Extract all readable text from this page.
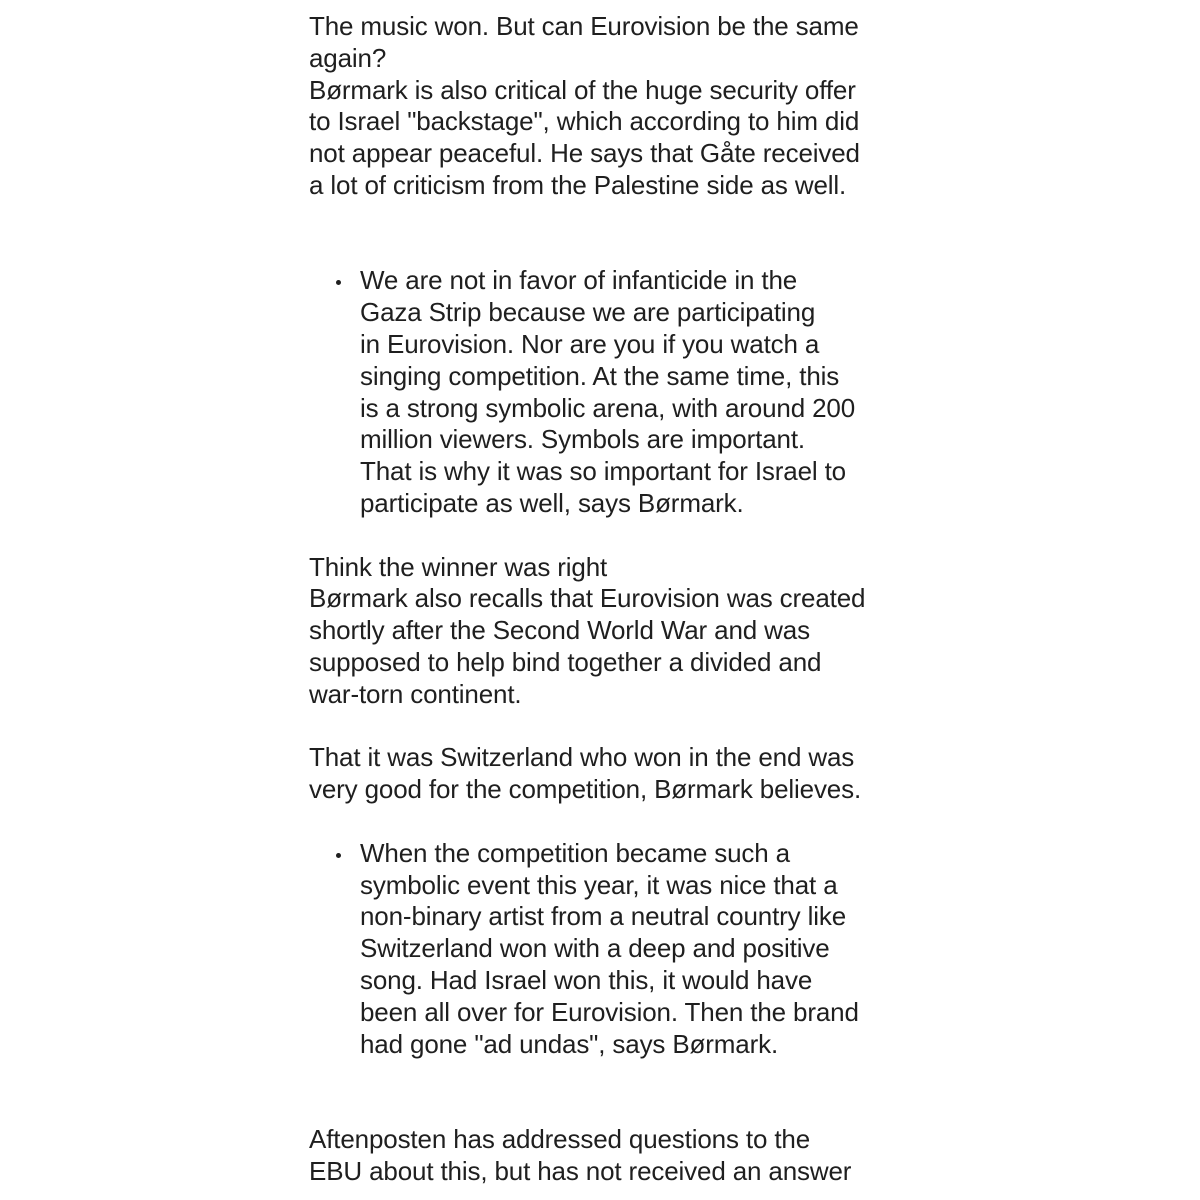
The music won. But can Eurovision be the same
again?
Børmark is also critical of the huge security offer
to Israel "backstage", which according to him did
not appear peaceful. He says that Gåte received
a lot of criticism from the Palestine side as well.
We are not in favor of infanticide in the
Gaza Strip because we are participating
in Eurovision. Nor are you if you watch a
singing competition. At the same time, this
is a strong symbolic arena, with around 200
million viewers. Symbols are important.
That is why it was so important for Israel to
participate as well, says Børmark.
Think the winner was right
Børmark also recalls that Eurovision was created
shortly after the Second World War and was
supposed to help bind together a divided and
war-torn continent.
That it was Switzerland who won in the end was
very good for the competition, Børmark believes.
When the competition became such a
symbolic event this year, it was nice that a
non-binary artist from a neutral country like
Switzerland won with a deep and positive
song. Had Israel won this, it would have
been all over for Eurovision. Then the brand
had gone "ad undas", says Børmark.
Aftenposten has addressed questions to the
EBU about this, but has not received an answer
